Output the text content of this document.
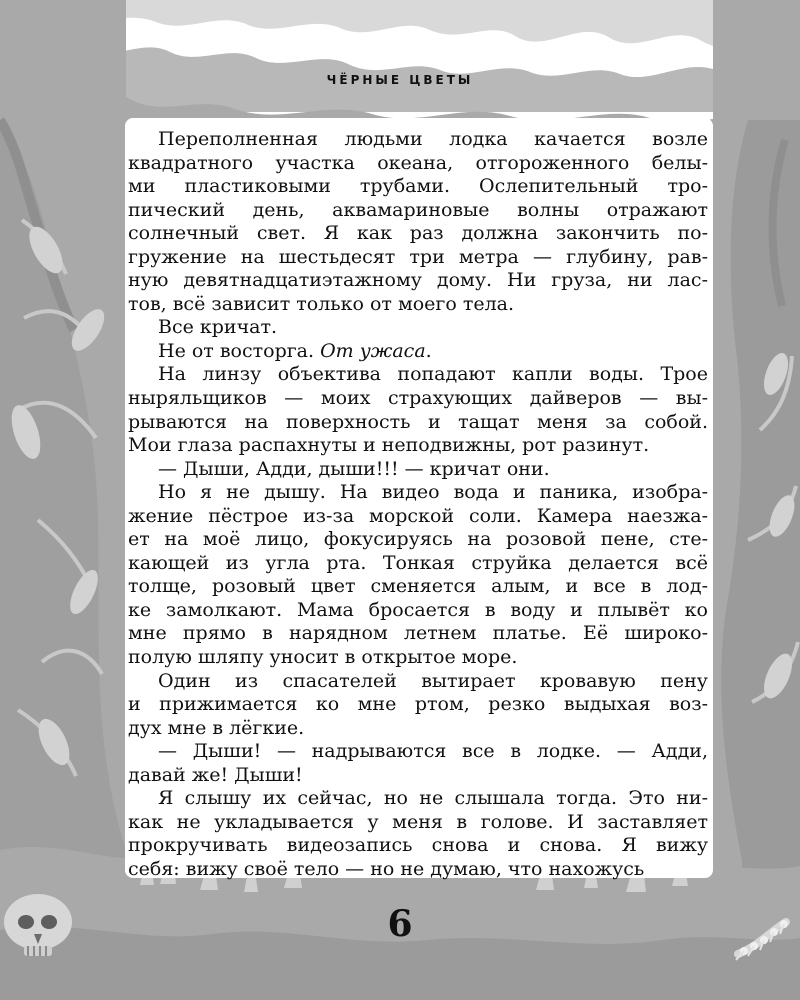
ЧЁРНЫЕ ЦВЕТЫ
Переполненная людьми лодка качается возле
квадратного участка океана, отгороженного белы-
ми пластиковыми трубами. Ослепительный тро-
пический день, аквамариновые волны отражают
солнечный свет. Я как раз должна закончить по-
гружение на шестьдесят три метра — глубину, рав-
ную девятнадцатиэтажному дому. Ни груза, ни лас-
тов, всё зависит только от моего тела.
Все кричат.
Не от восторга. От ужаса.
На линзу объектива попадают капли воды. Трое
ныряльщиков — моих страхующих дайверов — вы-
рываются на поверхность и тащат меня за собой.
Мои глаза распахнуты и неподвижны, рот разинут.
— Дыши, Адди, дыши!!! — кричат они.
Но я не дышу. На видео вода и паника, изобра-
жение пёстрое из-за морской соли. Камера наезжа-
ет на моё лицо, фокусируясь на розовой пене, сте-
кающей из угла рта. Тонкая струйка делается всё
толще, розовый цвет сменяется алым, и все в лод-
ке замолкают. Мама бросается в воду и плывёт ко
мне прямо в нарядном летнем платье. Её широко-
полую шляпу уносит в открытое море.
Один из спасателей вытирает кровавую пену
и прижимается ко мне ртом, резко выдыхая воз-
дух мне в лёгкие.
— Дыши! — надрываются все в лодке. — Адди,
давай же! Дыши!
Я слышу их сейчас, но не слышала тогда. Это ни-
как не укладывается у меня в голове. И заставляет
прокручивать видеозапись снова и снова. Я вижу
себя: вижу своё тело — но не думаю, что нахожусь
6
